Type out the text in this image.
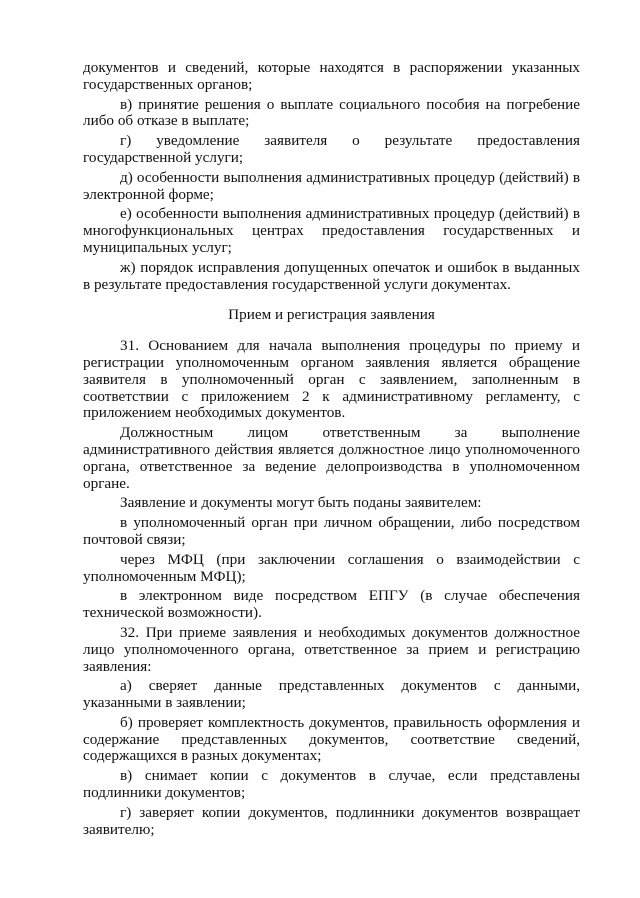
документов и сведений, которые находятся в распоряжении указанных государственных органов;

в) принятие решения о выплате социального пособия на погребение либо об отказе в выплате;

г) уведомление заявителя о результате предоставления государственной услуги;

д) особенности выполнения административных процедур (действий) в электронной форме;

е) особенности выполнения административных процедур (действий) в многофункциональных центрах предоставления государственных и муниципальных услуг;

ж) порядок исправления допущенных опечаток и ошибок в выданных в результате предоставления государственной услуги документах.

Прием и регистрация заявления

31. Основанием для начала выполнения процедуры по приему и регистрации уполномоченным органом заявления является обращение заявителя в уполномоченный орган с заявлением, заполненным в соответствии с приложением 2 к административному регламенту, с приложением необходимых документов.

Должностным лицом ответственным за выполнение административного действия является должностное лицо уполномоченного органа, ответственное за ведение делопроизводства в уполномоченном органе.

Заявление и документы могут быть поданы заявителем:

в уполномоченный орган при личном обращении, либо посредством почтовой связи;

через МФЦ (при заключении соглашения о взаимодействии с уполномоченным МФЦ);

в электронном виде посредством ЕПГУ (в случае обеспечения технической возможности).

32. При приеме заявления и необходимых документов должностное лицо уполномоченного органа, ответственное за прием и регистрацию заявления:

а) сверяет данные представленных документов с данными, указанными в заявлении;

б) проверяет комплектность документов, правильность оформления и содержание представленных документов, соответствие сведений, содержащихся в разных документах;

в) снимает копии с документов в случае, если представлены подлинники документов;

г) заверяет копии документов, подлинники документов возвращает заявителю;
